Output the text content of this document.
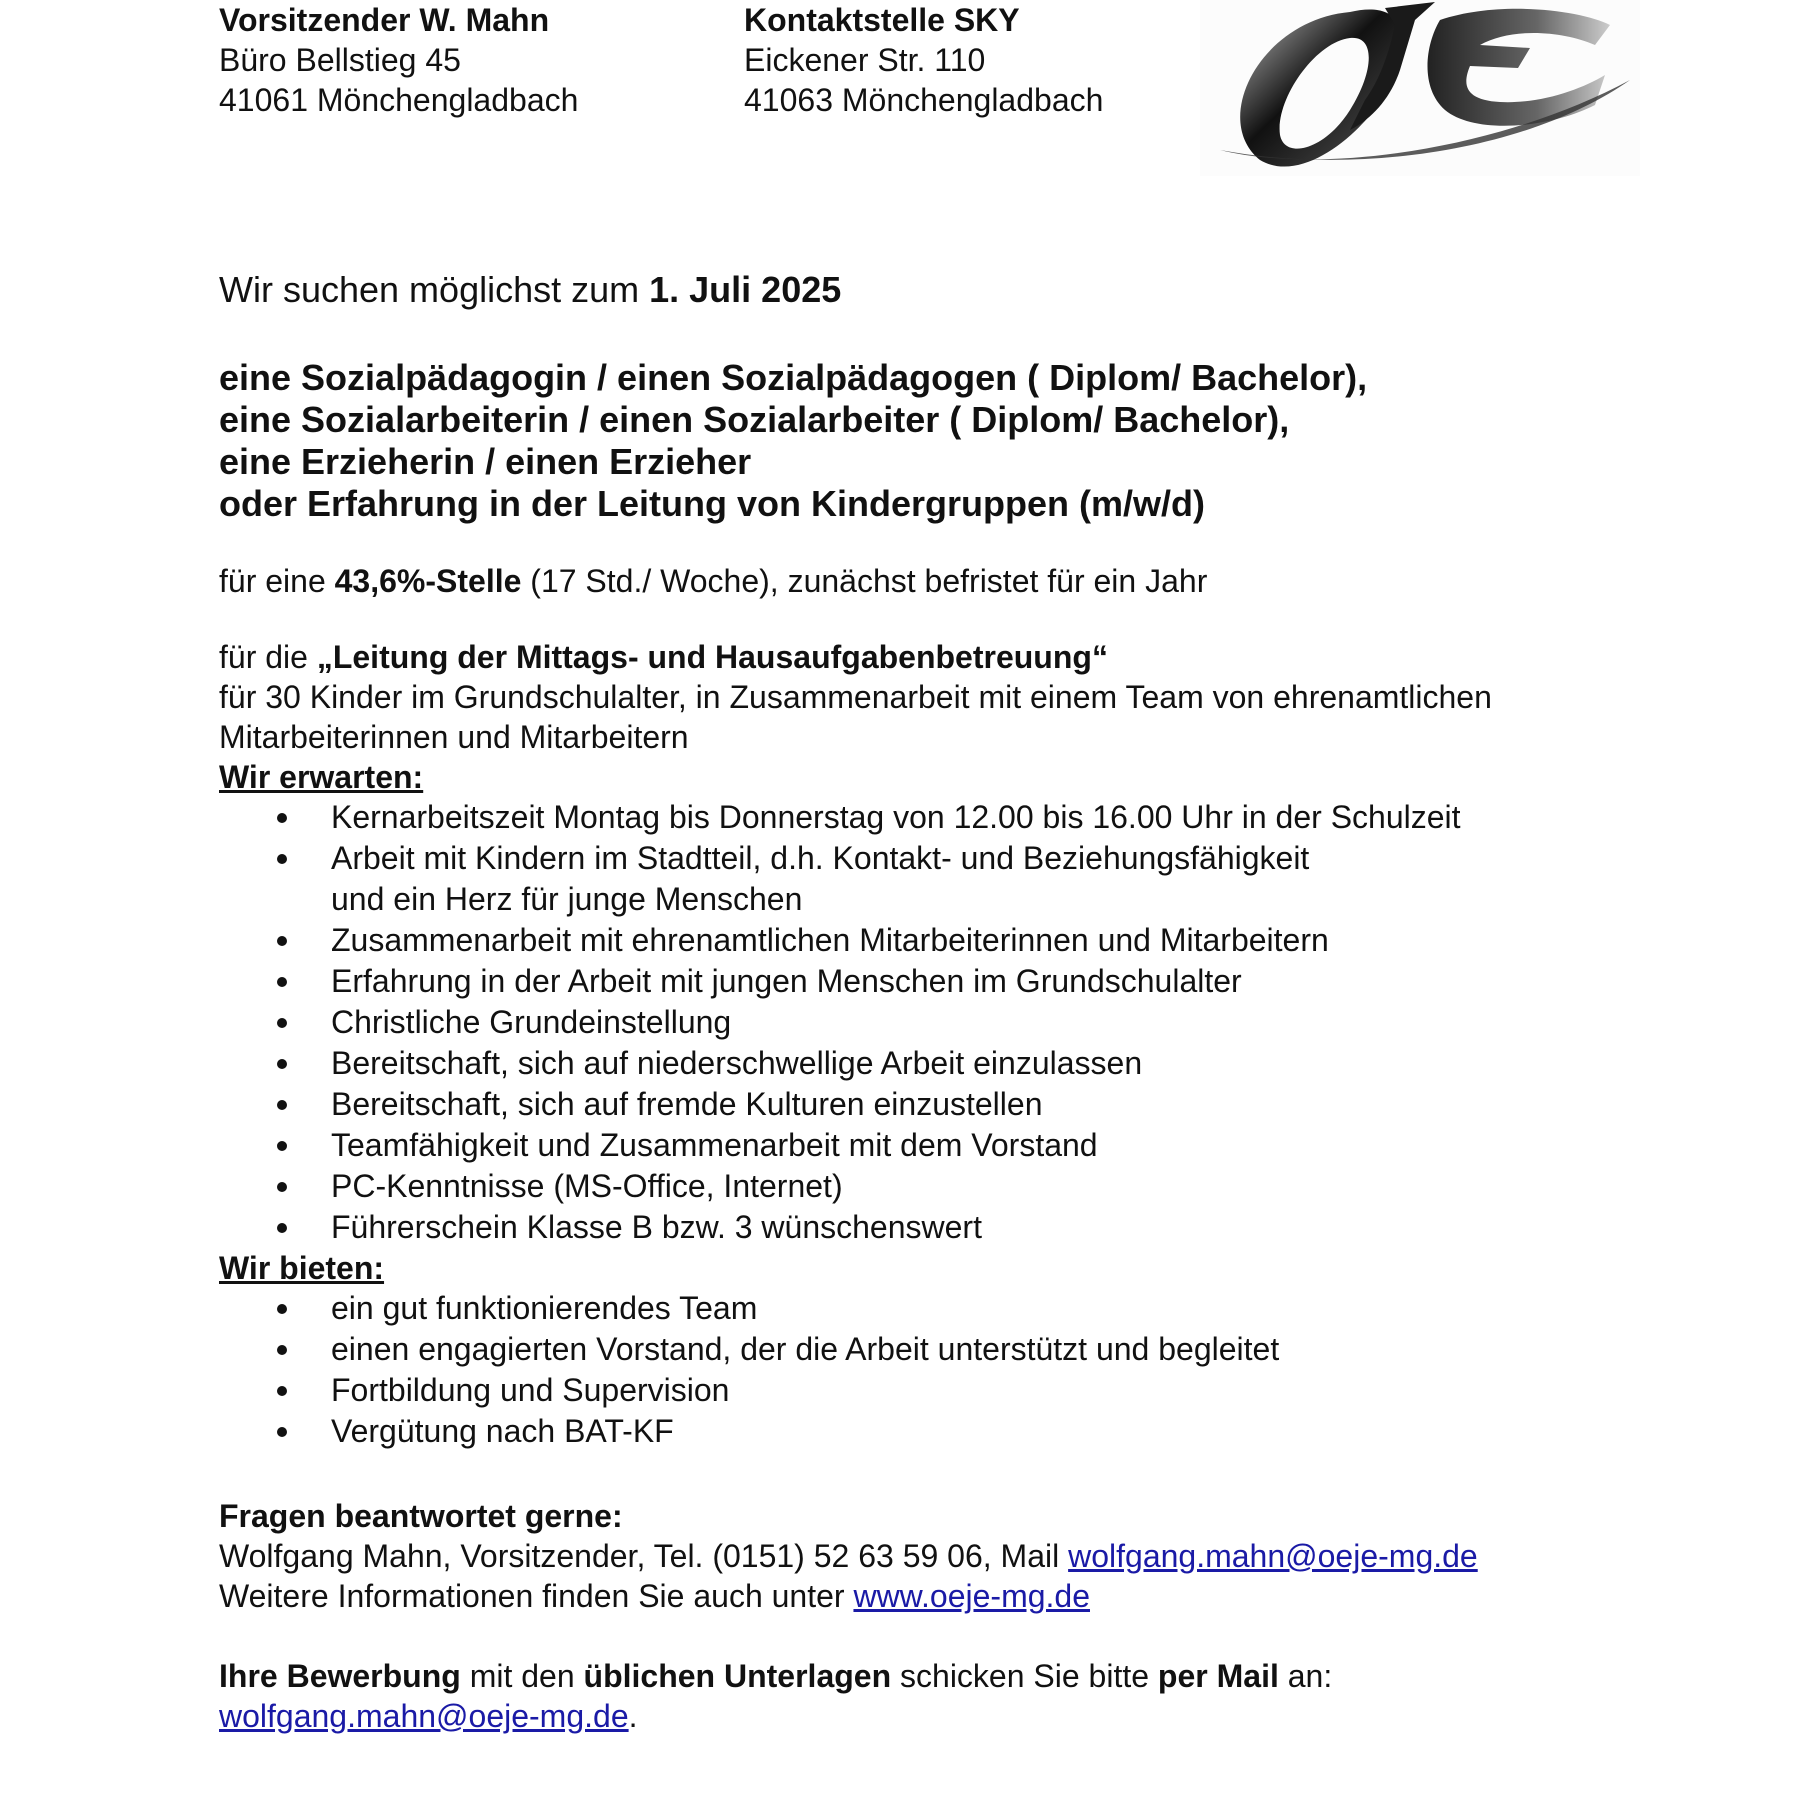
Vorsitzender W. Mahn
Büro Bellstieg 45
41061 Mönchengladbach
Kontaktstelle SKY
Eickener Str. 110
41063 Mönchengladbach

Wir suchen möglichst zum 1. Juli 2025

eine Sozialpädagogin / einen Sozialpädagogen ( Diplom/ Bachelor),
eine Sozialarbeiterin / einen Sozialarbeiter ( Diplom/ Bachelor),
eine Erzieherin / einen Erzieher
oder Erfahrung in der Leitung von Kindergruppen (m/w/d)

für eine 43,6%-Stelle (17 Std./ Woche), zunächst befristet für ein Jahr

für die „Leitung der Mittags- und Hausaufgabenbetreuung“

für 30 Kinder im Grundschulalter, in Zusammenarbeit mit einem Team von ehrenamtlichen

Mitarbeiterinnen und Mitarbeitern

Wir erwarten:

Kernarbeitszeit Montag bis Donnerstag von 12.00 bis 16.00 Uhr in der Schulzeit
Arbeit mit Kindern im Stadtteil, d.h. Kontakt- und Beziehungsfähigkeit
und ein Herz für junge Menschen
Zusammenarbeit mit ehrenamtlichen Mitarbeiterinnen und Mitarbeitern
Erfahrung in der Arbeit mit jungen Menschen im Grundschulalter
Christliche Grundeinstellung
Bereitschaft, sich auf niederschwellige Arbeit einzulassen
Bereitschaft, sich auf fremde Kulturen einzustellen
Teamfähigkeit und Zusammenarbeit mit dem Vorstand
PC-Kenntnisse (MS-Office, Internet)
Führerschein Klasse B bzw. 3 wünschenswert

Wir bieten:

ein gut funktionierendes Team
einen engagierten Vorstand, der die Arbeit unterstützt und begleitet
Fortbildung und Supervision
Vergütung nach BAT-KF

Fragen beantwortet gerne:

Wolfgang Mahn, Vorsitzender, Tel. (0151) 52 63 59 06, Mail wolfgang.mahn@oeje-mg.de

Weitere Informationen finden Sie auch unter www.oeje-mg.de

Ihre Bewerbung mit den üblichen Unterlagen schicken Sie bitte per Mail an:

wolfgang.mahn@oeje-mg.de.
